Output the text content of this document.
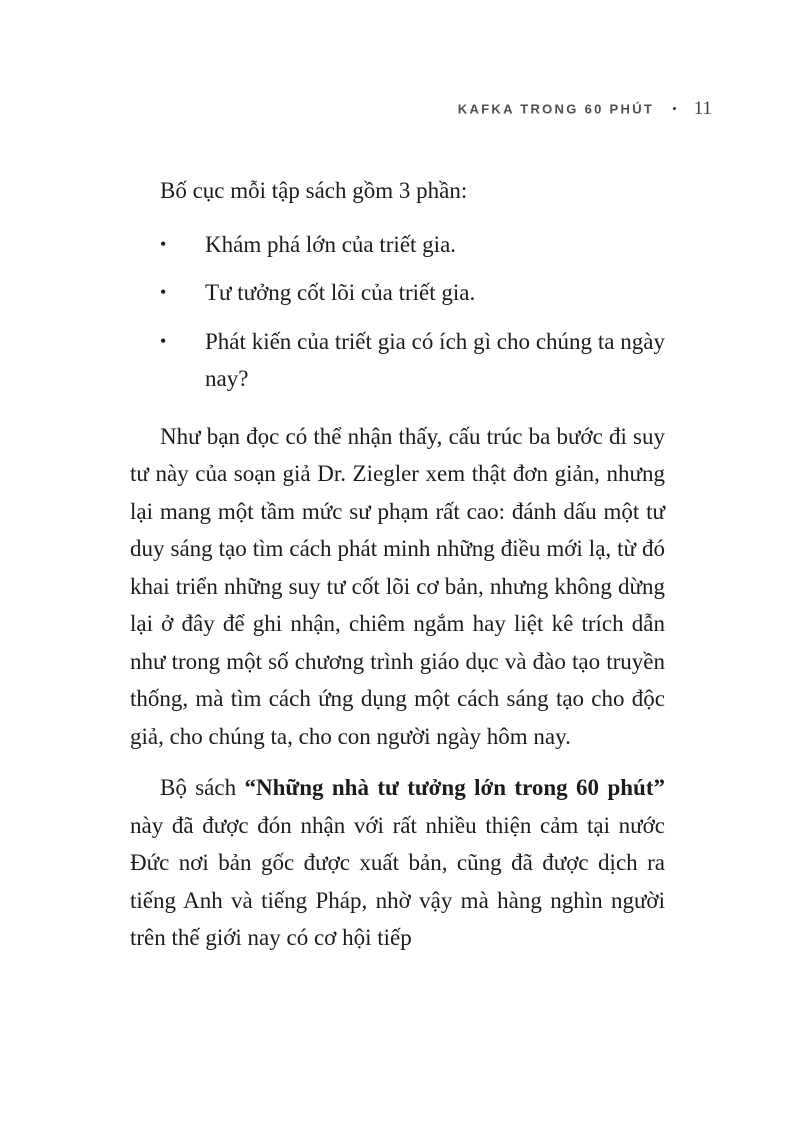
KAFKA TRONG 60 PHÚT • 11

Bố cục mỗi tập sách gồm 3 phần:

•	Khám phá lớn của triết gia.
•	Tư tưởng cốt lõi của triết gia.
•	Phát kiến của triết gia có ích gì cho chúng ta ngày nay?

Như bạn đọc có thể nhận thấy, cấu trúc ba bước đi suy tư này của soạn giả Dr. Ziegler xem thật đơn giản, nhưng lại mang một tầm mức sư phạm rất cao: đánh dấu một tư duy sáng tạo tìm cách phát minh những điều mới lạ, từ đó khai triển những suy tư cốt lõi cơ bản, nhưng không dừng lại ở đây để ghi nhận, chiêm ngắm hay liệt kê trích dẫn như trong một số chương trình giáo dục và đào tạo truyền thống, mà tìm cách ứng dụng một cách sáng tạo cho độc giả, cho chúng ta, cho con người ngày hôm nay.

Bộ sách “Những nhà tư tưởng lớn trong 60 phút” này đã được đón nhận với rất nhiều thiện cảm tại nước Đức nơi bản gốc được xuất bản, cũng đã được dịch ra tiếng Anh và tiếng Pháp, nhờ vậy mà hàng nghìn người trên thế giới nay có cơ hội tiếp
